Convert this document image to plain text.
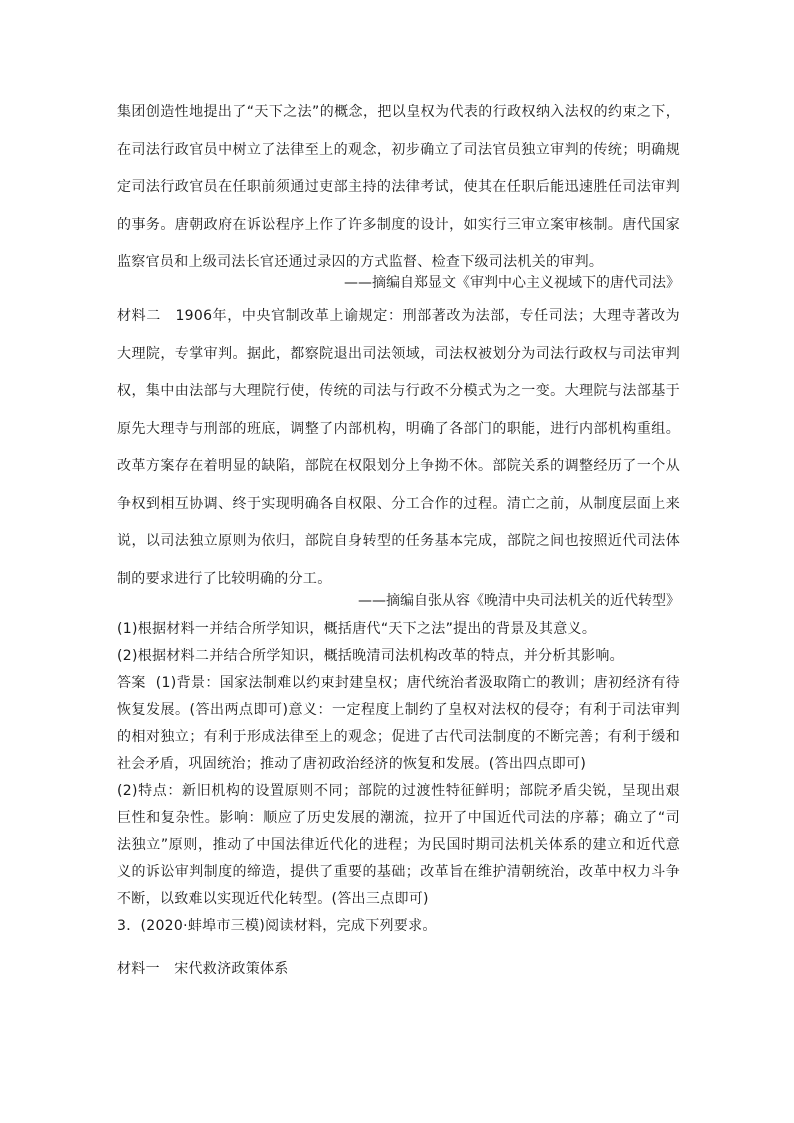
集团创造性地提出了“天下之法”的概念，把以皇权为代表的行政权纳入法权的约束之下，在司法行政官员中树立了法律至上的观念，初步确立了司法官员独立审判的传统；明确规定司法行政官员在任职前须通过吏部主持的法律考试，使其在任职后能迅速胜任司法审判的事务。唐朝政府在诉讼程序上作了许多制度的设计，如实行三审立案审核制。唐代国家监察官员和上级司法长官还通过录囚的方式监督、检查下级司法机关的审判。

——摘编自郑显文《审判中心主义视域下的唐代司法》

材料二　1906年，中央官制改革上谕规定：刑部著改为法部，专任司法；大理寺著改为大理院，专掌审判。据此，都察院退出司法领域，司法权被划分为司法行政权与司法审判权，集中由法部与大理院行使，传统的司法与行政不分模式为之一变。大理院与法部基于原先大理寺与刑部的班底，调整了内部机构，明确了各部门的职能，进行内部机构重组。改革方案存在着明显的缺陷，部院在权限划分上争拗不休。部院关系的调整经历了一个从争权到相互协调、终于实现明确各自权限、分工合作的过程。清亡之前，从制度层面上来说，以司法独立原则为依归，部院自身转型的任务基本完成，部院之间也按照近代司法体制的要求进行了比较明确的分工。

——摘编自张从容《晚清中央司法机关的近代转型》

(1)根据材料一并结合所学知识，概括唐代“天下之法”提出的背景及其意义。

(2)根据材料二并结合所学知识，概括晚清司法机构改革的特点，并分析其影响。

答案 (1)背景：国家法制难以约束封建皇权；唐代统治者汲取隋亡的教训；唐初经济有待恢复发展。(答出两点即可)意义：一定程度上制约了皇权对法权的侵夺；有利于司法审判的相对独立；有利于形成法律至上的观念；促进了古代司法制度的不断完善；有利于缓和社会矛盾，巩固统治；推动了唐初政治经济的恢复和发展。(答出四点即可)

(2)特点：新旧机构的设置原则不同；部院的过渡性特征鲜明；部院矛盾尖锐，呈现出艰巨性和复杂性。影响：顺应了历史发展的潮流，拉开了中国近代司法的序幕；确立了“司法独立”原则，推动了中国法律近代化的进程；为民国时期司法机关体系的建立和近代意义的诉讼审判制度的缔造，提供了重要的基础；改革旨在维护清朝统治，改革中权力斗争不断，以致难以实现近代化转型。(答出三点即可)

3．(2020·蚌埠市三模)阅读材料，完成下列要求。

材料一　宋代救济政策体系
